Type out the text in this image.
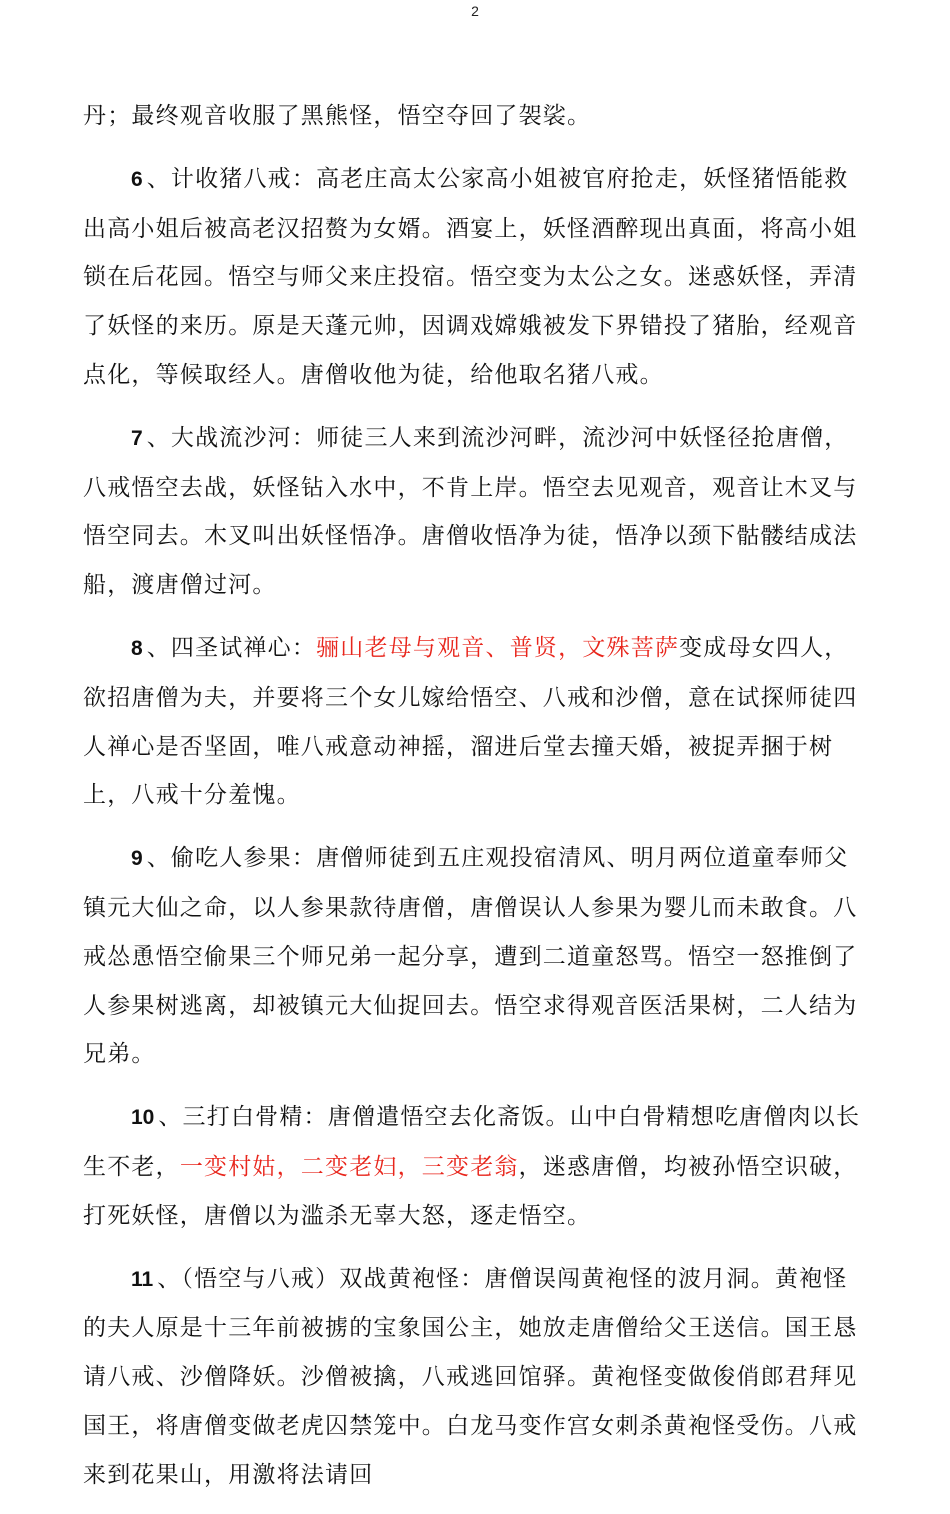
2

丹；最终观音收服了黑熊怪，悟空夺回了袈裟。

6 、计收猪八戒：高老庄高太公家高小姐被官府抢走，妖怪猪悟能救出高小姐后被高老汉招赘为女婿。酒宴上，妖怪酒醉现出真面，将高小姐锁在后花园。悟空与师父来庄投宿。悟空变为太公之女。迷惑妖怪，弄清了妖怪的来历。原是天蓬元帅，因调戏嫦娥被发下界错投了猪胎，经观音点化，等候取经人。唐僧收他为徒，给他取名猪八戒。

7 、大战流沙河：师徒三人来到流沙河畔，流沙河中妖怪径抢唐僧，八戒悟空去战，妖怪钻入水中，不肯上岸。悟空去见观音，观音让木叉与悟空同去。木叉叫出妖怪悟净。唐僧收悟净为徒，悟净以颈下骷髅结成法船，渡唐僧过河。

8 、四圣试禅心：骊山老母与观音、普贤，文殊菩萨变成母女四人，欲招唐僧为夫，并要将三个女儿嫁给悟空、八戒和沙僧，意在试探师徒四人禅心是否坚固，唯八戒意动神摇，溜进后堂去撞天婚，被捉弄捆于树上，八戒十分羞愧。

9 、偷吃人参果：唐僧师徒到五庄观投宿清风、明月两位道童奉师父镇元大仙之命，以人参果款待唐僧，唐僧误认人参果为婴儿而未敢食。八戒怂恿悟空偷果三个师兄弟一起分享，遭到二道童怒骂。悟空一怒推倒了人参果树逃离，却被镇元大仙捉回去。悟空求得观音医活果树，二人结为兄弟。

10 、三打白骨精：唐僧遣悟空去化斋饭。山中白骨精想吃唐僧肉以长生不老，一变村姑，二变老妇，三变老翁，迷惑唐僧，均被孙悟空识破，打死妖怪，唐僧以为滥杀无辜大怒，逐走悟空。

11 、（悟空与八戒）双战黄袍怪：唐僧误闯黄袍怪的波月洞。黄袍怪的夫人原是十三年前被掳的宝象国公主，她放走唐僧给父王送信。国王恳请八戒、沙僧降妖。沙僧被擒，八戒逃回馆驿。黄袍怪变做俊俏郎君拜见国王，将唐僧变做老虎囚禁笼中。白龙马变作宫女刺杀黄袍怪受伤。八戒来到花果山，用激将法请回
